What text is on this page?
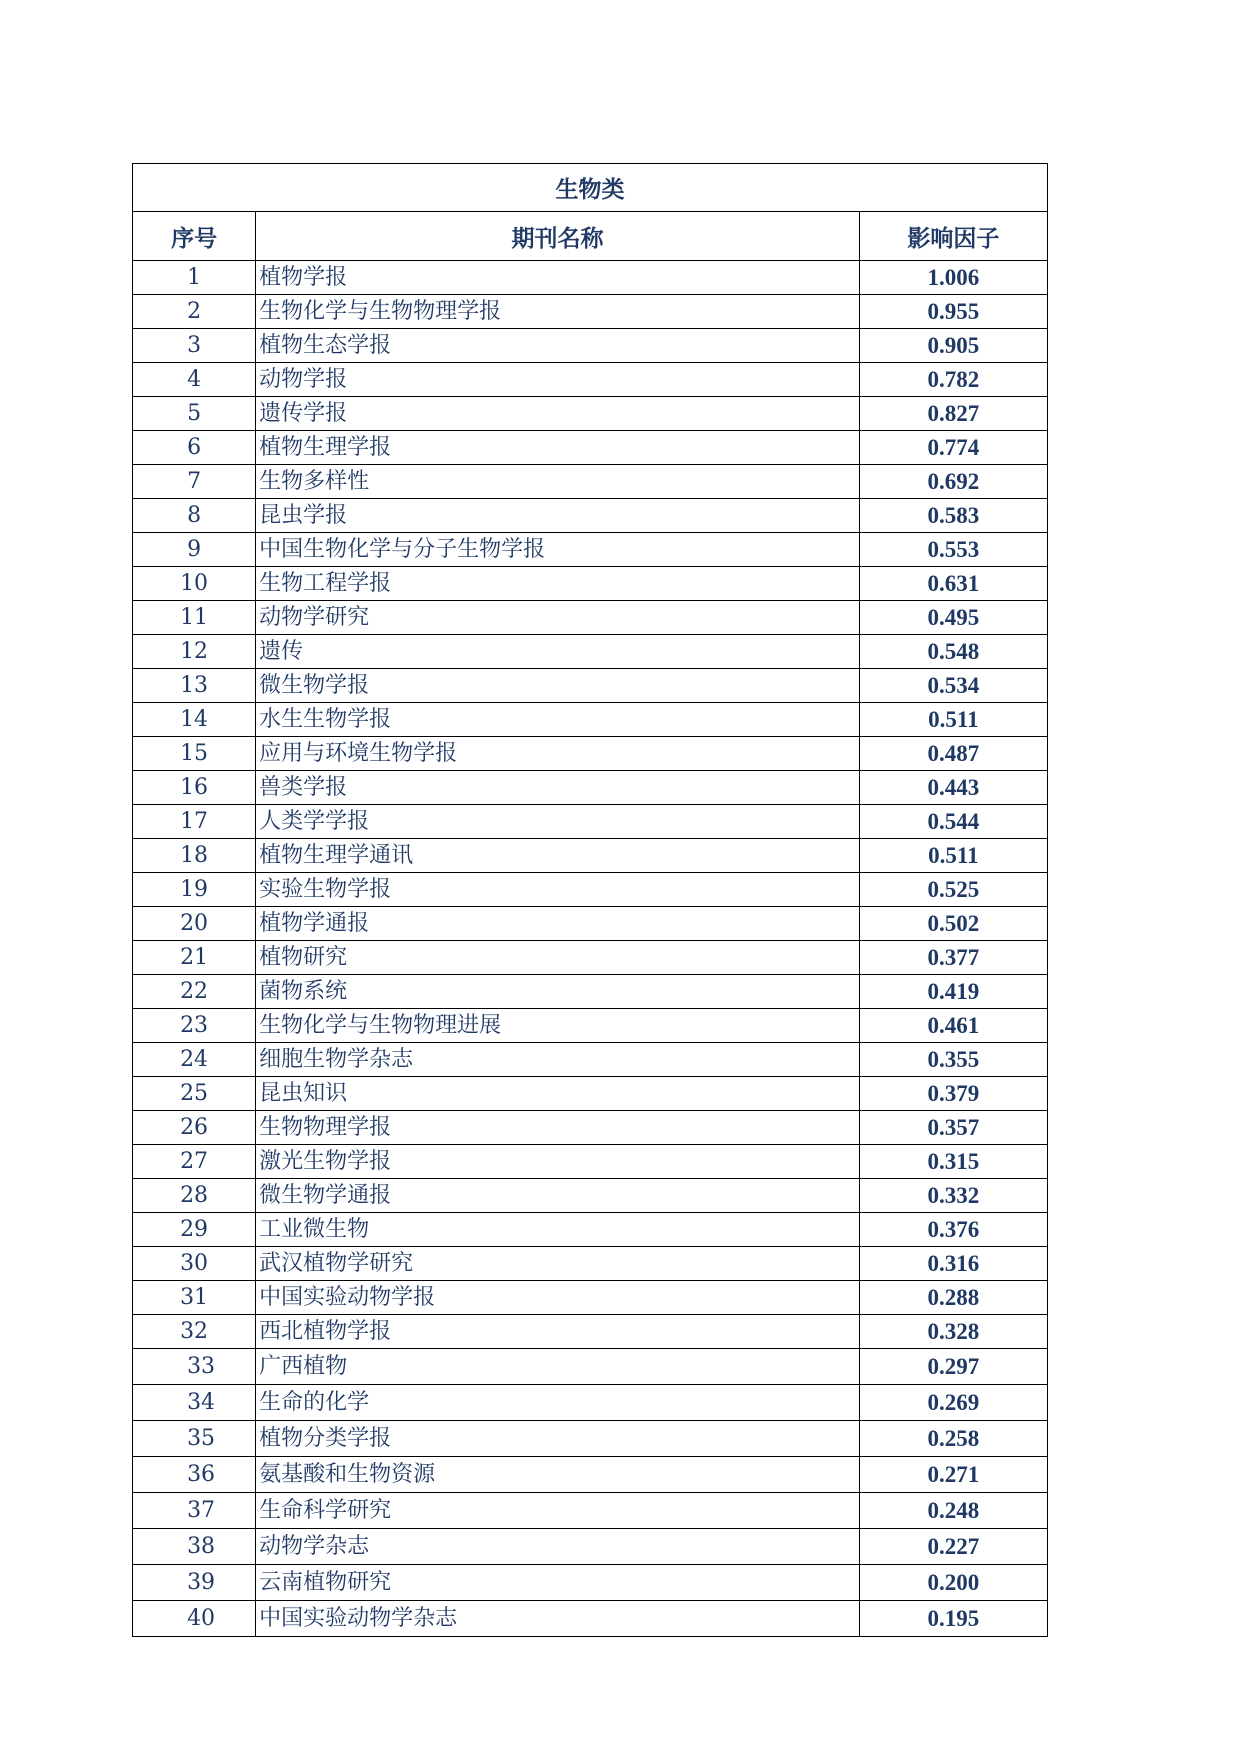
生物类		
序号	期刊名称	影响因子
1	植物学报	1.006
2	生物化学与生物物理学报	0.955
3	植物生态学报	0.905
4	动物学报	0.782
5	遗传学报	0.827
6	植物生理学报	0.774
7	生物多样性	0.692
8	昆虫学报	0.583
9	中国生物化学与分子生物学报	0.553
10	生物工程学报	0.631
11	动物学研究	0.495
12	遗传	0.548
13	微生物学报	0.534
14	水生生物学报	0.511
15	应用与环境生物学报	0.487
16	兽类学报	0.443
17	人类学学报	0.544
18	植物生理学通讯	0.511
19	实验生物学报	0.525
20	植物学通报	0.502
21	植物研究	0.377
22	菌物系统	0.419
23	生物化学与生物物理进展	0.461
24	细胞生物学杂志	0.355
25	昆虫知识	0.379
26	生物物理学报	0.357
27	激光生物学报	0.315
28	微生物学通报	0.332
29	工业微生物	0.376
30	武汉植物学研究	0.316
31	中国实验动物学报	0.288
32	西北植物学报	0.328
33	广西植物	0.297
34	生命的化学	0.269
35	植物分类学报	0.258
36	氨基酸和生物资源	0.271
37	生命科学研究	0.248
38	动物学杂志	0.227
39	云南植物研究	0.200
40	中国实验动物学杂志	0.195
